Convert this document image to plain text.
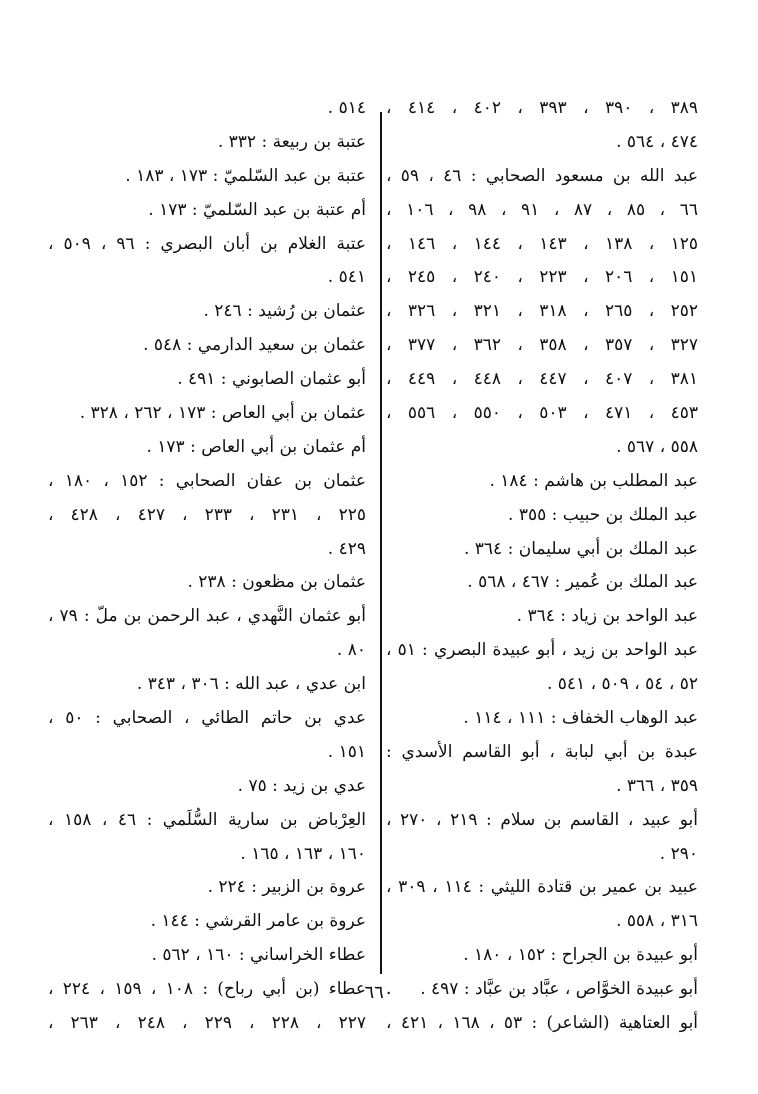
٣٨٩ ، ٣٩٠ ، ٣٩٣ ، ٤٠٢ ، ٤١٤ ،
٤٧٤ ، ٥٦٤ .
عبد الله بن مسعود الصحابي : ٤٦ ، ٥٩ ،
٦٦ ، ٨٥ ، ٨٧ ، ٩١ ، ٩٨ ، ١٠٦ ،
١٢٥ ، ١٣٨ ، ١٤٣ ، ١٤٤ ، ١٤٦ ،
١٥١ ، ٢٠٦ ، ٢٢٣ ، ٢٤٠ ، ٢٤٥ ،
٢٥٢ ، ٢٦٥ ، ٣١٨ ، ٣٢١ ، ٣٢٦ ،
٣٢٧ ، ٣٥٧ ، ٣٥٨ ، ٣٦٢ ، ٣٧٧ ،
٣٨١ ، ٤٠٧ ، ٤٤٧ ، ٤٤٨ ، ٤٤٩ ،
٤٥٣ ، ٤٧١ ، ٥٠٣ ، ٥٥٠ ، ٥٥٦ ،
٥٥٨ ، ٥٦٧ .
عبد المطلب بن هاشم : ١٨٤ .
عبد الملك بن حبيب : ٣٥٥ .
عبد الملك بن أبي سليمان : ٣٦٤ .
عبد الملك بن عُمير : ٤٦٧ ، ٥٦٨ .
عبد الواحد بن زياد : ٣٦٤ .
عبد الواحد بن زيد ، أبو عبيدة البصري : ٥١ ،
٥٢ ، ٥٤ ، ٥٠٩ ، ٥٤١ .
عبد الوهاب الخفاف : ١١١ ، ١١٤ .
عبدة بن أبي لبابة ، أبو القاسم الأسدي :
٣٥٩ ، ٣٦٦ .
أبو عبيد ، القاسم بن سلام : ٢١٩ ، ٢٧٠ ،
٢٩٠ .
عبيد بن عمير بن قتادة الليثي : ١١٤ ، ٣٠٩ ،
٣١٦ ، ٥٥٨ .
أبو عبيدة بن الجراح : ١٥٢ ، ١٨٠ .
أبو عبيدة الخوَّاص ، عبَّاد بن عبَّاد : ٤٩٧ .
أبو العتاهية (الشاعر) : ٥٣ ، ١٦٨ ، ٤٢١ ،
٥١٤ .
عتبة بن ربيعة : ٣٣٢ .
عتبة بن عبد السّلميّ : ١٧٣ ، ١٨٣ .
أم عتبة بن عبد السّلميّ : ١٧٣ .
عتبة الغلام بن أبان البصري : ٩٦ ، ٥٠٩ ،
٥٤١ .
عثمان بن رُشيد : ٢٤٦ .
عثمان بن سعيد الدارمي : ٥٤٨ .
أبو عثمان الصابوني : ٤٩١ .
عثمان بن أبي العاص : ١٧٣ ، ٢٦٢ ، ٣٢٨ .
أم عثمان بن أبي العاص : ١٧٣ .
عثمان بن عفان الصحابي : ١٥٢ ، ١٨٠ ،
٢٢٥ ، ٢٣١ ، ٢٣٣ ، ٤٢٧ ، ٤٢٨ ،
٤٢٩ .
عثمان بن مظعون : ٢٣٨ .
أبو عثمان النَّهدي ، عبد الرحمن بن ملّ : ٧٩ ،
٨٠ .
ابن عدي ، عبد الله : ٣٠٦ ، ٣٤٣ .
عدي بن حاتم الطائي ، الصحابي : ٥٠ ،
١٥١ .
عدي بن زيد : ٧٥ .
العِرْباض بن سارية السُّلَمي : ٤٦ ، ١٥٨ ،
١٦٠ ، ١٦٣ ، ١٦٥ .
عروة بن الزبير : ٢٢٤ .
عروة بن عامر القرشي : ١٤٤ .
عطاء الخراساني : ١٦٠ ، ٥٦٢ .
عطاء (بن أبي رباح) : ١٠٨ ، ١٥٩ ، ٢٢٤ ،
٢٢٧ ، ٢٢٨ ، ٢٢٩ ، ٢٤٨ ، ٢٦٣ ،
٦٦٠
